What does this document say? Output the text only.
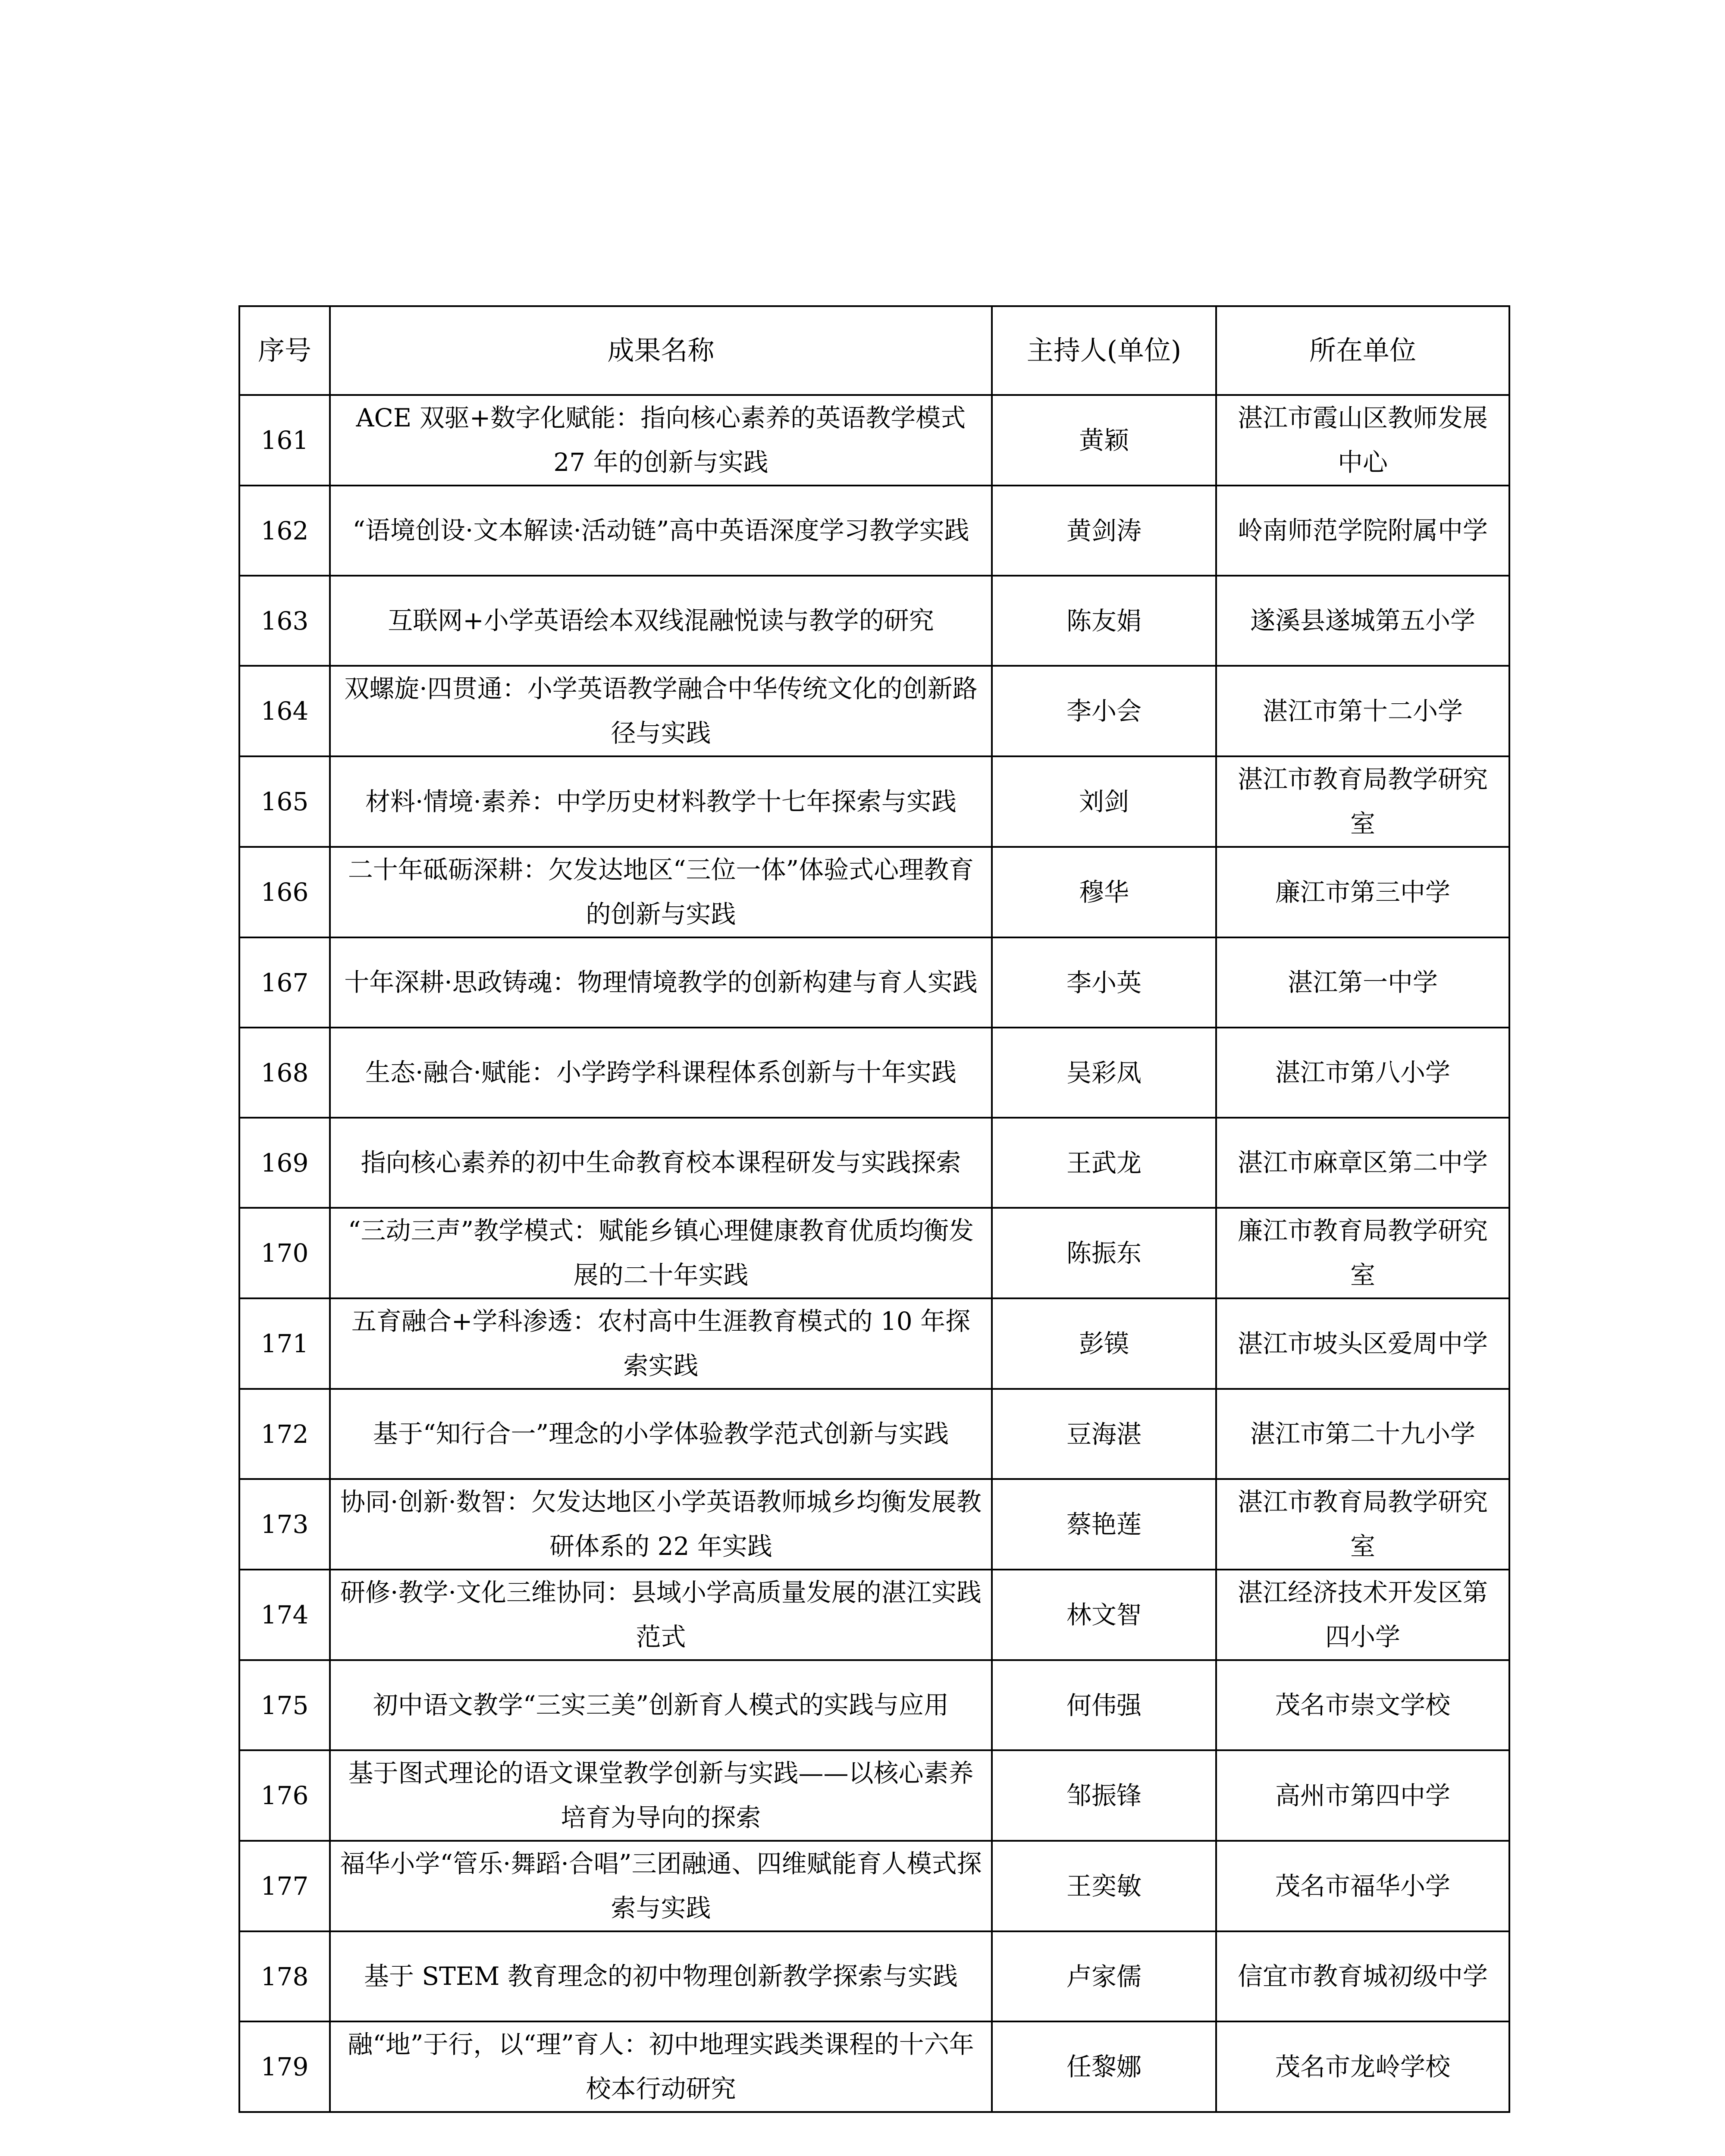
序号	成果名称	主持人(单位)	所在单位
161	ACE 双驱+数字化赋能：指向核心素养的英语教学模式 27 年的创新与实践	黄颖	湛江市霞山区教师发展中心
162	“语境创设·文本解读·活动链”高中英语深度学习教学实践	黄剑涛	岭南师范学院附属中学
163	互联网+小学英语绘本双线混融悦读与教学的研究	陈友娟	遂溪县遂城第五小学
164	双螺旋·四贯通：小学英语教学融合中华传统文化的创新路径与实践	李小会	湛江市第十二小学
165	材料·情境·素养：中学历史材料教学十七年探索与实践	刘剑	湛江市教育局教学研究室
166	二十年砥砺深耕：欠发达地区“三位一体”体验式心理教育的创新与实践	穆华	廉江市第三中学
167	十年深耕·思政铸魂：物理情境教学的创新构建与育人实践	李小英	湛江第一中学
168	生态·融合·赋能：小学跨学科课程体系创新与十年实践	吴彩凤	湛江市第八小学
169	指向核心素养的初中生命教育校本课程研发与实践探索	王武龙	湛江市麻章区第二中学
170	“三动三声”教学模式：赋能乡镇心理健康教育优质均衡发展的二十年实践	陈振东	廉江市教育局教学研究室
171	五育融合+学科渗透：农村高中生涯教育模式的 10 年探索实践	彭镆	湛江市坡头区爱周中学
172	基于“知行合一”理念的小学体验教学范式创新与实践	豆海湛	湛江市第二十九小学
173	协同·创新·数智：欠发达地区小学英语教师城乡均衡发展教研体系的 22 年实践	蔡艳莲	湛江市教育局教学研究室
174	研修·教学·文化三维协同：县域小学高质量发展的湛江实践范式	林文智	湛江经济技术开发区第四小学
175	初中语文教学“三实三美”创新育人模式的实践与应用	何伟强	茂名市崇文学校
176	基于图式理论的语文课堂教学创新与实践——以核心素养培育为导向的探索	邹振锋	高州市第四中学
177	福华小学“管乐·舞蹈·合唱”三团融通、四维赋能育人模式探索与实践	王奕敏	茂名市福华小学
178	基于 STEM 教育理念的初中物理创新教学探索与实践	卢家儒	信宜市教育城初级中学
179	融“地”于行，以“理”育人：初中地理实践类课程的十六年校本行动研究	任黎娜	茂名市龙岭学校
